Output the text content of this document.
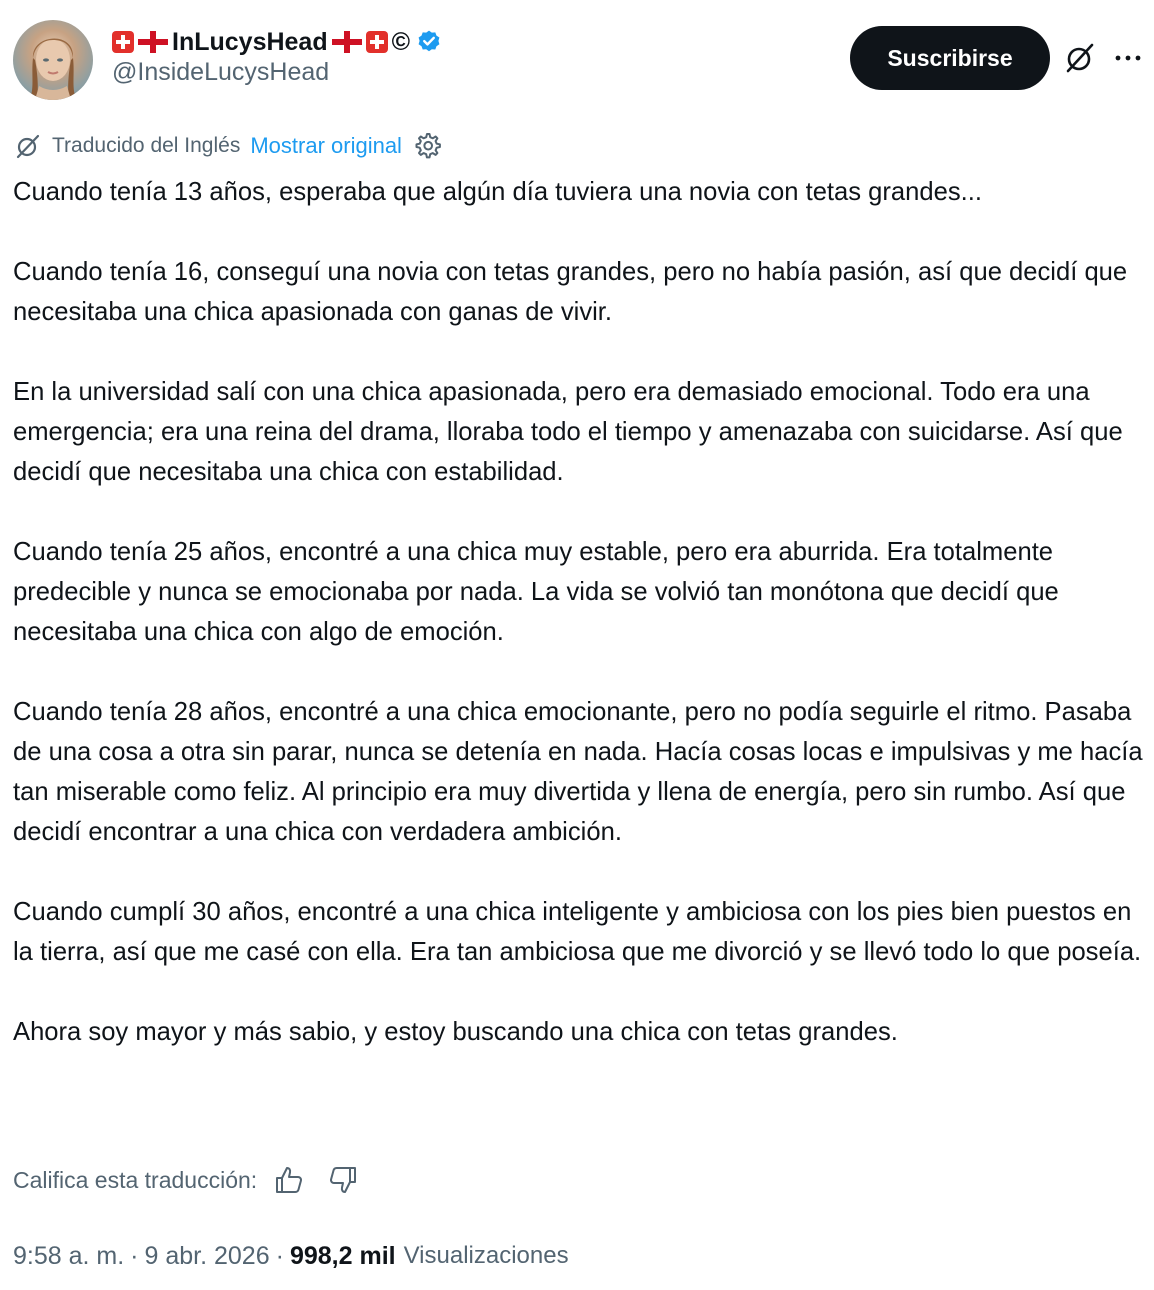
InLucysHead	©
@InsideLucysHead
Suscribirse
Traducido del Inglés Mostrar original

Cuando tenía 13 años, esperaba que algún día tuviera una novia con tetas grandes...

Cuando tenía 16, conseguí una novia con tetas grandes, pero no había pasión, así que decidí que necesitaba una chica apasionada con ganas de vivir.

En la universidad salí con una chica apasionada, pero era demasiado emocional. Todo era una emergencia; era una reina del drama, lloraba todo el tiempo y amenazaba con suicidarse. Así que decidí que necesitaba una chica con estabilidad.

Cuando tenía 25 años, encontré a una chica muy estable, pero era aburrida. Era totalmente predecible y nunca se emocionaba por nada. La vida se volvió tan monótona que decidí que necesitaba una chica con algo de emoción.

Cuando tenía 28 años, encontré a una chica emocionante, pero no podía seguirle el ritmo. Pasaba de una cosa a otra sin parar, nunca se detenía en nada. Hacía cosas locas e impulsivas y me hacía tan miserable como feliz. Al principio era muy divertida y llena de energía, pero sin rumbo. Así que decidí encontrar a una chica con verdadera ambición.

Cuando cumplí 30 años, encontré a una chica inteligente y ambiciosa con los pies bien puestos en la tierra, así que me casé con ella. Era tan ambiciosa que me divorció y se llevó todo lo que poseía.

Ahora soy mayor y más sabio, y estoy buscando una chica con tetas grandes.

Califica esta traducción:
9:58 a. m. · 9 abr. 2026 · 998,2 mil Visualizaciones
